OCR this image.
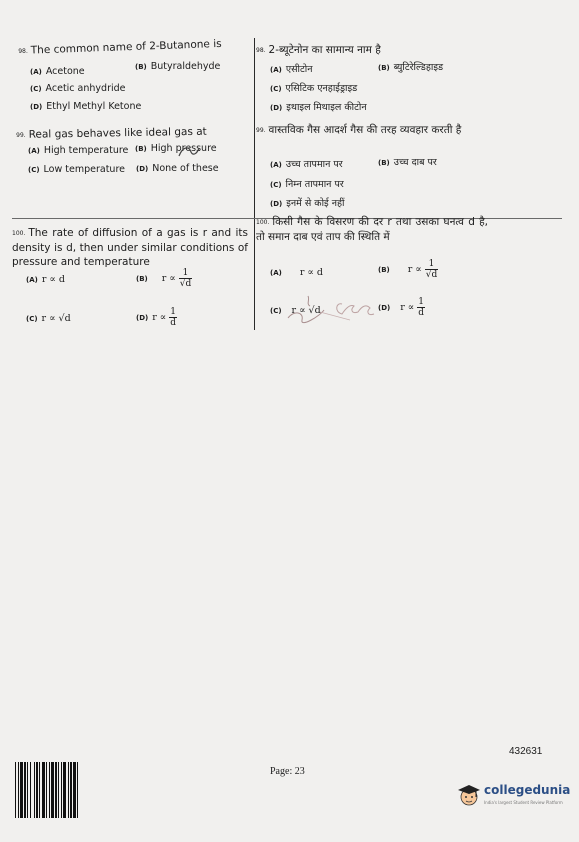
98. The common name of 2-Butanone is
(A) Acetone	(B) Butyraldehyde
(C) Acetic anhydride
(D) Ethyl Methyl Ketone
98. 2-ब्यूटेनोन का सामान्य नाम है
(A) एसीटोन	(B) ब्युटिरेल्डिहाइड
(C) एसिटिक एनहाईड्राइड
(D) इथाइल मिथाइल कीटोन
99. Real gas behaves like ideal gas at
(A) High temperature (B) High pressure
(C) Low temperature (D) None of these
99. वास्तविक गैस आदर्श गैस की तरह व्यवहार करती है
(A) उच्च तापमान पर	(B) उच्च दाब पर
(C) निम्न तापमान पर
(D) इनमें से कोई नहीं
100. The rate of diffusion of a gas is r and its density is d, then under similar conditions of pressure and temperature
(A) r ∝ d	(B) $r \propto \frac{1}{√d}$
(C) r ∝ √d	(D) $r \propto \frac{1}{d}$
100. किसी गैस के विसरण की दर r तथा उसका घनत्व d है, तो समान दाब एवं ताप की स्थिति में
(A) r ∝ d	(B) $r \propto \frac{1}{√d}$
(C) r ∝ √d	(D) $r \propto \frac{1}{d}$
432631
Page: 23
collegedunia
India's largest Student Review Platform
